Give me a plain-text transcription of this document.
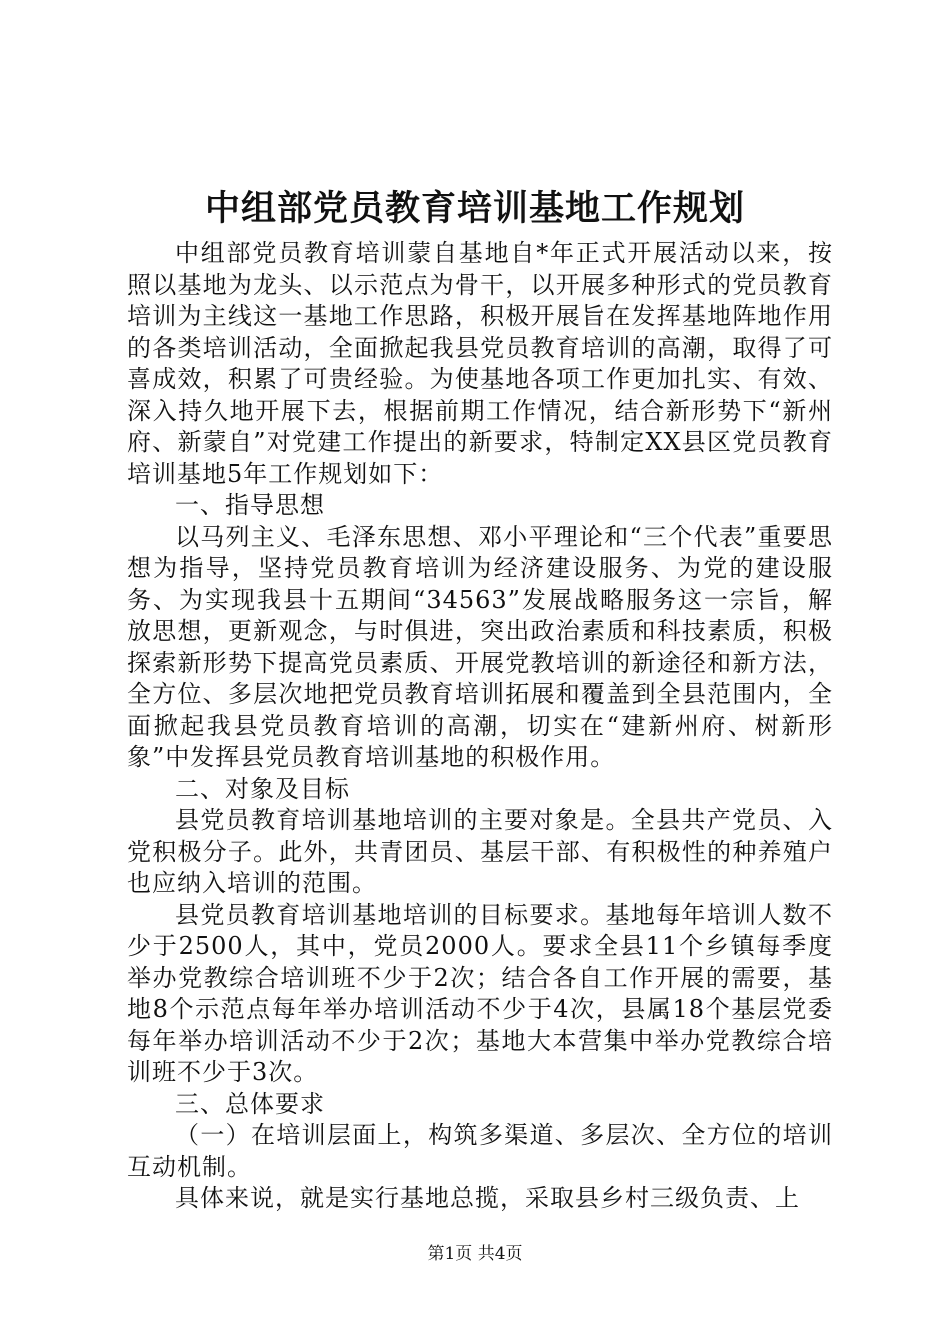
中组部党员教育培训基地工作规划

中组部党员教育培训蒙自基地自*年正式开展活动以来，按照以基地为龙头、以示范点为骨干，以开展多种形式的党员教育培训为主线这一基地工作思路，积极开展旨在发挥基地阵地作用的各类培训活动，全面掀起我县党员教育培训的高潮，取得了可喜成效，积累了可贵经验。为使基地各项工作更加扎实、有效、深入持久地开展下去，根据前期工作情况，结合新形势下“新州府、新蒙自”对党建工作提出的新要求，特制定XX县区党员教育培训基地5年工作规划如下：

一、指导思想

以马列主义、毛泽东思想、邓小平理论和“三个代表”重要思想为指导，坚持党员教育培训为经济建设服务、为党的建设服务、为实现我县十五期间“34563”发展战略服务这一宗旨，解放思想，更新观念，与时俱进，突出政治素质和科技素质，积极探索新形势下提高党员素质、开展党教培训的新途径和新方法，全方位、多层次地把党员教育培训拓展和覆盖到全县范围内，全面掀起我县党员教育培训的高潮，切实在“建新州府、树新形象”中发挥县党员教育培训基地的积极作用。

二、对象及目标

县党员教育培训基地培训的主要对象是。全县共产党员、入党积极分子。此外，共青团员、基层干部、有积极性的种养殖户也应纳入培训的范围。

县党员教育培训基地培训的目标要求。基地每年培训人数不少于2500人，其中，党员2000人。要求全县11个乡镇每季度举办党教综合培训班不少于2次；结合各自工作开展的需要，基地8个示范点每年举办培训活动不少于4次，县属18个基层党委每年举办培训活动不少于2次；基地大本营集中举办党教综合培训班不少于3次。

三、总体要求

（一）在培训层面上，构筑多渠道、多层次、全方位的培训互动机制。

具体来说，就是实行基地总揽，采取县乡村三级负责、上

第1页 共4页
